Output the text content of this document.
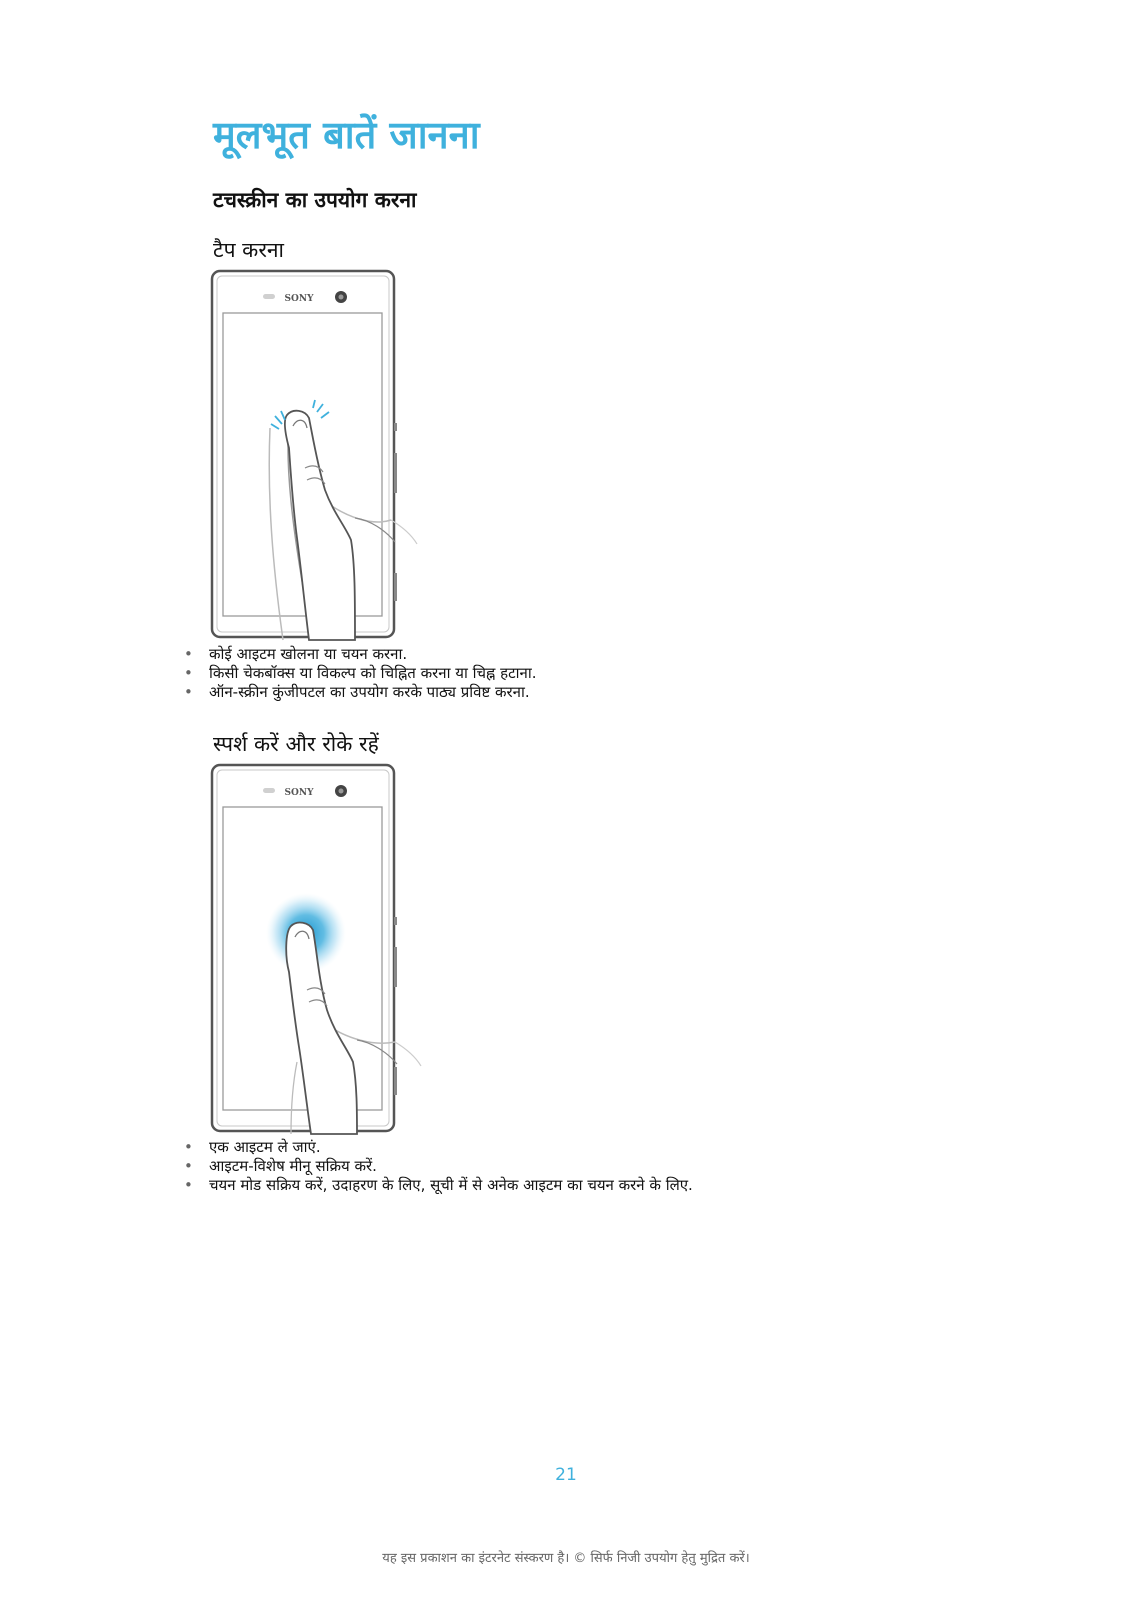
मूलभूत बातें जानना
टचस्क्रीन का उपयोग करना
टैप करना
SONY
• कोई आइटम खोलना या चयन करना.
• किसी चेकबॉक्स या विकल्प को चिह्नित करना या चिह्न हटाना.
• ऑन-स्क्रीन कुंजीपटल का उपयोग करके पाठ्य प्रविष्ट करना.
स्पर्श करें और रोके रहें
SONY
• एक आइटम ले जाएं.
• आइटम-विशेष मीनू सक्रिय करें.
• चयन मोड सक्रिय करें, उदाहरण के लिए, सूची में से अनेक आइटम का चयन करने के लिए.
21
यह इस प्रकाशन का इंटरनेट संस्करण है। © सिर्फ निजी उपयोग हेतु मुद्रित करें।
